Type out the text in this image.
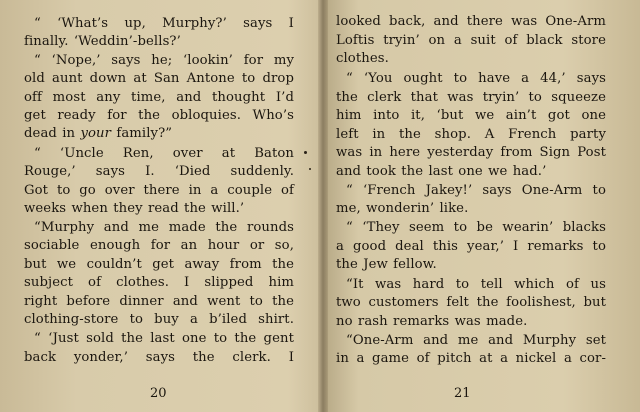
“ ‘What’s up, Murphy?’ says I
finally. ‘Weddin’-bells?’
“ ‘Nope,’ says he; ‘lookin’ for my
old aunt down at San Antone to drop
off most any time, and thought I’d
get ready for the obloquies. Who’s
dead in your family?”
“ ‘Uncle Ren, over at Baton
Rouge,’ says I. ‘Died suddenly.
Got to go over there in a couple of
weeks when they read the will.’
“Murphy and me made the rounds
sociable enough for an hour or so,
but we couldn’t get away from the
subject of clothes. I slipped him
right before dinner and went to the
clothing-store to buy a b’iled shirt.
“ ‘Just sold the last one to the gent
back yonder,’ says the clerk. I
20
looked back, and there was One-Arm
Loftis tryin’ on a suit of black store
clothes.
“ ‘You ought to have a 44,’ says
the clerk that was tryin’ to squeeze
him into it, ‘but we ain’t got one
left in the shop. A French party
was in here yesterday from Sign Post
and took the last one we had.’
“ ‘French Jakey!’ says One-Arm to
me, wonderin’ like.
“ ‘They seem to be wearin’ blacks
a good deal this year,’ I remarks to
the Jew fellow.
“It was hard to tell which of us
two customers felt the foolishest, but
no rash remarks was made.
“One-Arm and me and Murphy set
in a game of pitch at a nickel a cor-
21
